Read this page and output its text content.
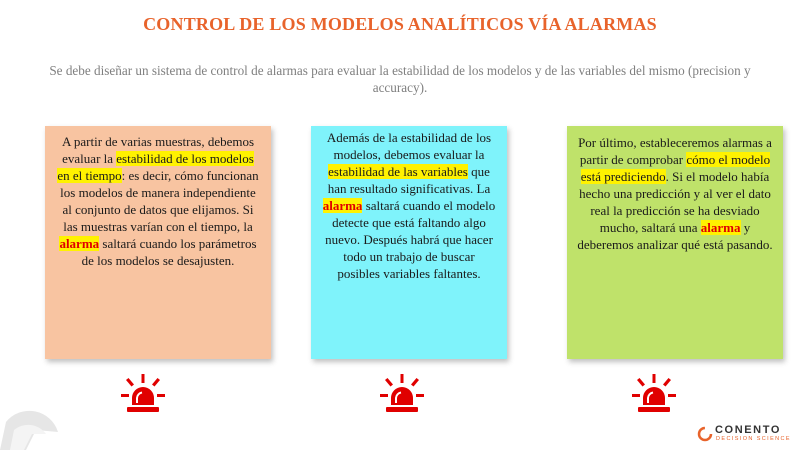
CONTROL DE LOS MODELOS ANALÍTICOS VÍA ALARMAS
Se debe diseñar un sistema de control de alarmas para evaluar la estabilidad de los modelos y de las variables del mismo (precision y accuracy).
A partir de varias muestras, debemos evaluar la estabilidad de los modelos en el tiempo: es decir, cómo funcionan los modelos de manera independiente al conjunto de datos que elijamos. Si las muestras varían con el tiempo, la alarma saltará cuando los parámetros de los modelos se desajusten.
Además de la estabilidad de los modelos, debemos evaluar la estabilidad de las variables que han resultado significativas. La alarma saltará cuando el modelo detecte que está faltando algo nuevo. Después habrá que hacer todo un trabajo de buscar posibles variables faltantes.
Por último, estableceremos alarmas a partir de comprobar cómo el modelo está prediciendo. Si el modelo había hecho una predicción y al ver el dato real la predicción se ha desviado mucho, saltará una alarma y deberemos analizar qué está pasando.
CONENTO
DECISION SCIENCE
